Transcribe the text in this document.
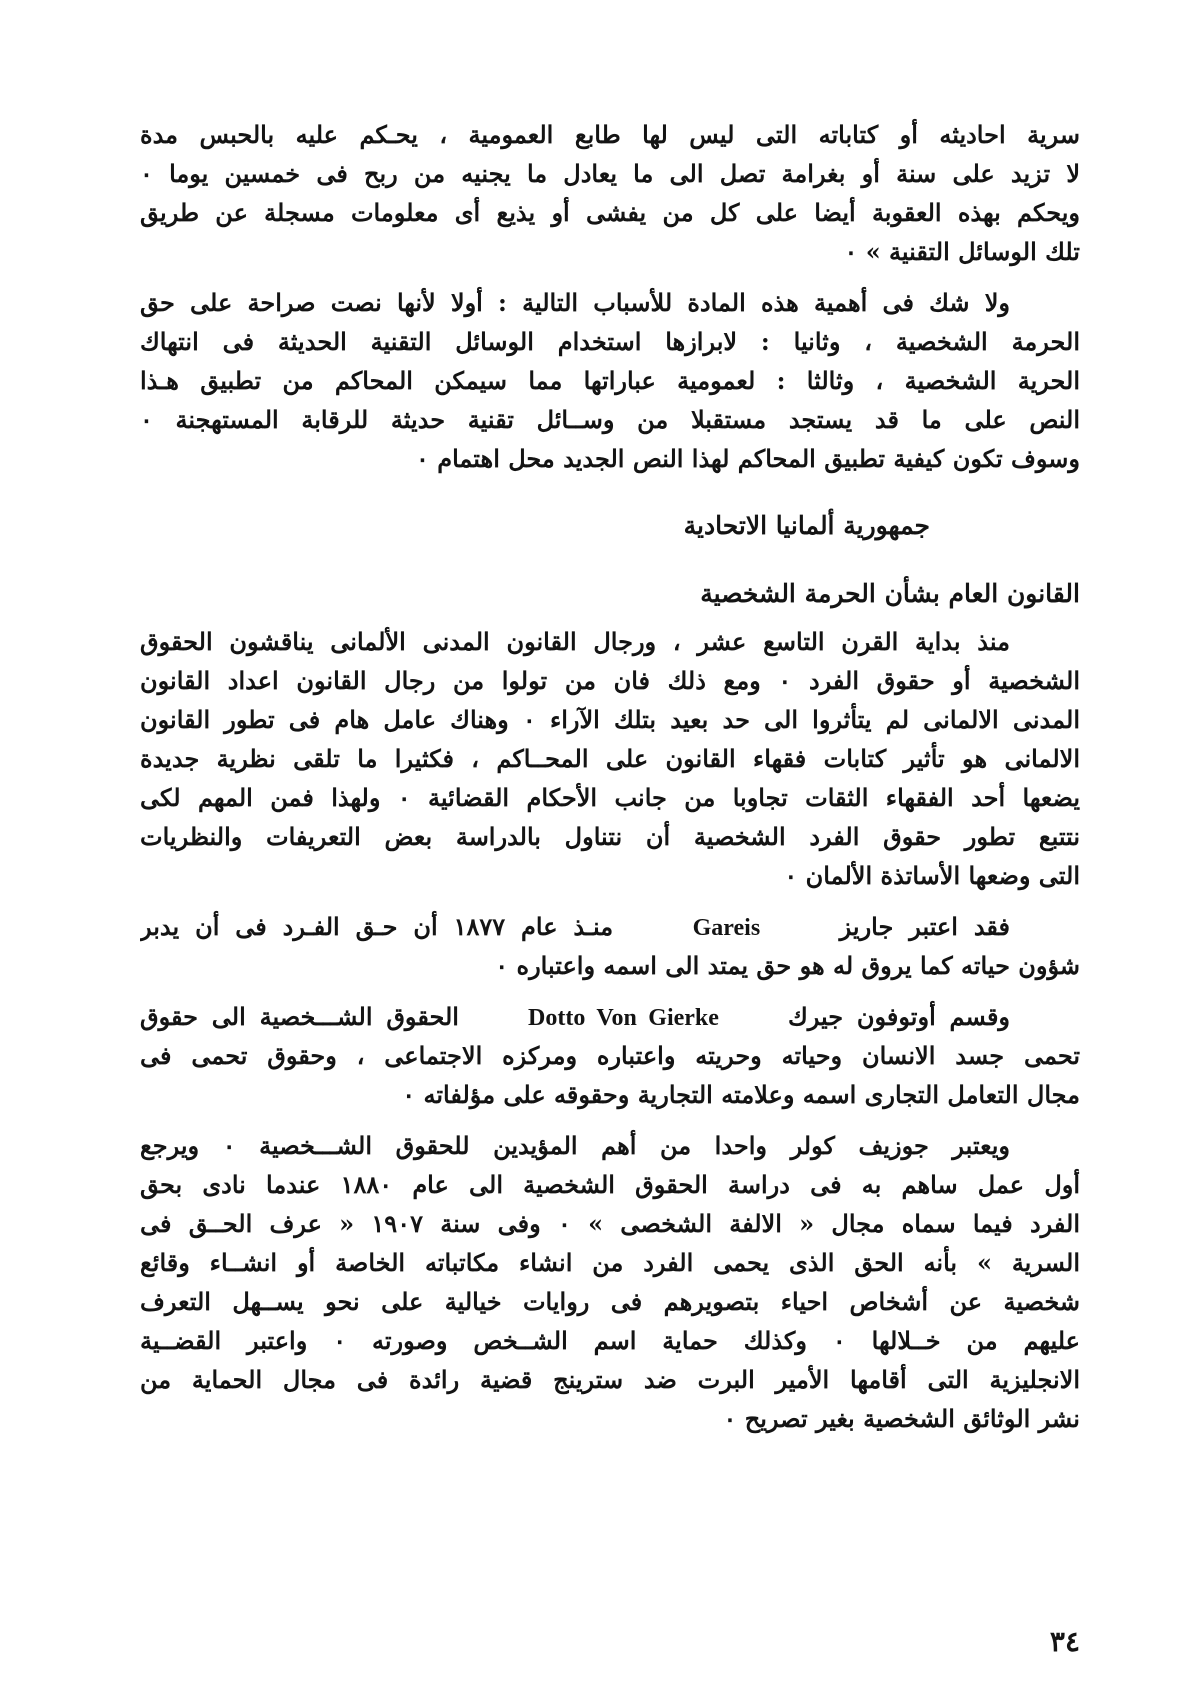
سرية احاديثه أو كتاباته التى ليس لها طابع العمومية ، يحـكم عليه بالحبس مدة
لا تزيد على سنة أو بغرامة تصل الى ما يعادل ما يجنيه من ربح فى خمسين يوما ٠
ويحكم بهذه العقوبة أيضا على كل من يفشى أو يذيع أى معلومات مسجلة عن طريق
تلك الوسائل التقنية » ٠
ولا شك فى أهمية هذه المادة للأسباب التالية : أولا لأنها نصت صراحة على حق
الحرمة الشخصية ، وثانيا : لابرازها استخدام الوسائل التقنية الحديثة فى انتهاك
الحرية الشخصية ، وثالثا : لعمومية عباراتها مما سيمكن المحاكم من تطبيق هـذا
النص على ما قد يستجد مستقبلا من وســائل تقنية حديثة للرقابة المستهجنة ٠
وسوف تكون كيفية تطبيق المحاكم لهذا النص الجديد محل اهتمام ٠
جمهورية ألمانيا الاتحادية
القانون العام بشأن الحرمة الشخصية
منذ بداية القرن التاسع عشر ، ورجال القانون المدنى الألمانى يناقشون الحقوق
الشخصية أو حقوق الفرد ٠ ومع ذلك فان من تولوا من رجال القانون اعداد القانون
المدنى الالمانى لم يتأثروا الى حد بعيد بتلك الآراء ٠ وهناك عامل هام فى تطور القانون
الالمانى هو تأثير كتابات فقهاء القانون على المحــاكم ، فكثيرا ما تلقى نظرية جديدة
يضعها أحد الفقهاء الثقات تجاوبا من جانب الأحكام القضائية ٠ ولهذا فمن المهم لكى
نتتبع تطور حقوق الفرد الشخصية أن نتناول بالدراسة بعض التعريفات والنظريات
التى وضعها الأساتذة الألمان ٠
فقد اعتبر جاريز     Gareis     منـذ عام ١٨٧٧ أن حـق الفـرد فى أن يدبر
شؤون حياته كما يروق له هو حق يمتد الى اسمه واعتباره ٠
وقسم أوتوفون جيرك     Dotto Von Gierke     الحقوق الشـــخصية الى حقوق
تحمى جسد الانسان وحياته وحريته واعتباره ومركزه الاجتماعى ، وحقوق تحمى فى
مجال التعامل التجارى اسمه وعلامته التجارية وحقوقه على مؤلفاته ٠
ويعتبر جوزيف كولر واحدا من أهم المؤيدين للحقوق الشـــخصية ٠ ويرجع
أول عمل ساهم به فى دراسة الحقوق الشخصية الى عام ١٨٨٠ عندما نادى بحق
الفرد فيما سماه مجال « الالفة الشخصى » ٠ وفى سنة ١٩٠٧ « عرف الحــق فى
السرية » بأنه الحق الذى يحمى الفرد من انشاء مكاتباته الخاصة أو انشــاء وقائع
شخصية عن أشخاص احياء بتصويرهم فى روايات خيالية على نحو يســهل التعرف
عليهم من خــلالها ٠ وكذلك حماية اسم الشــخص وصورته ٠ واعتبر القضــية
الانجليزية التى أقامها الأمير البرت ضد سترينج قضية رائدة فى مجال الحماية من
نشر الوثائق الشخصية بغير تصريح ٠
٣٤
